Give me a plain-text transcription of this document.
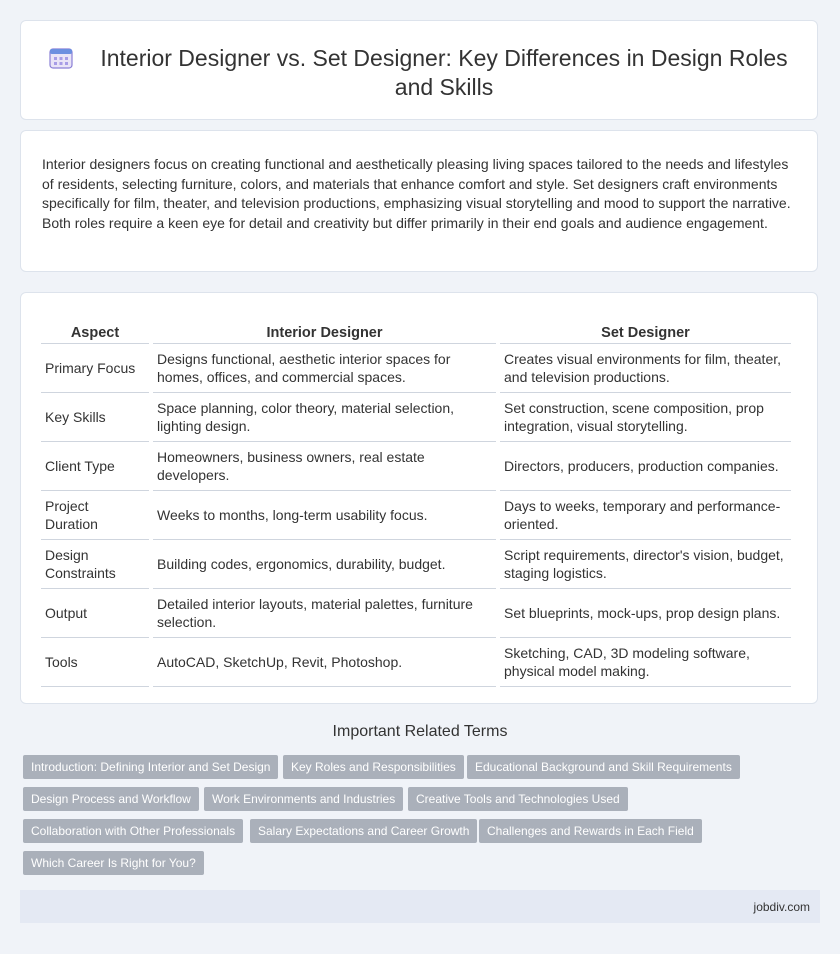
Interior Designer vs. Set Designer: Key Differences in Design Roles and Skills

Interior designers focus on creating functional and aesthetically pleasing living spaces tailored to the needs and lifestyles of residents, selecting furniture, colors, and materials that enhance comfort and style. Set designers craft environments specifically for film, theater, and television productions, emphasizing visual storytelling and mood to support the narrative. Both roles require a keen eye for detail and creativity but differ primarily in their end goals and audience engagement.

Aspect	Interior Designer	Set Designer
Primary Focus	Designs functional, aesthetic interior spaces for homes, offices, and commercial spaces.	Creates visual environments for film, theater, and television productions.
Key Skills	Space planning, color theory, material selection, lighting design.	Set construction, scene composition, prop integration, visual storytelling.
Client Type	Homeowners, business owners, real estate developers.	Directors, producers, production companies.
Project Duration	Weeks to months, long-term usability focus.	Days to weeks, temporary and performance-oriented.
Design Constraints	Building codes, ergonomics, durability, budget.	Script requirements, director's vision, budget, staging logistics.
Output	Detailed interior layouts, material palettes, furniture selection.	Set blueprints, mock-ups, prop design plans.
Tools	AutoCAD, SketchUp, Revit, Photoshop.	Sketching, CAD, 3D modeling software, physical model making.
Important Related Terms
Introduction: Defining Interior and Set Design	Key Roles and Responsibilities	Educational Background and Skill Requirements
Design Process and Workflow	Work Environments and Industries	Creative Tools and Technologies Used
Collaboration with Other Professionals	Salary Expectations and Career Growth	Challenges and Rewards in Each Field
Which Career Is Right for You?
jobdiv.com
